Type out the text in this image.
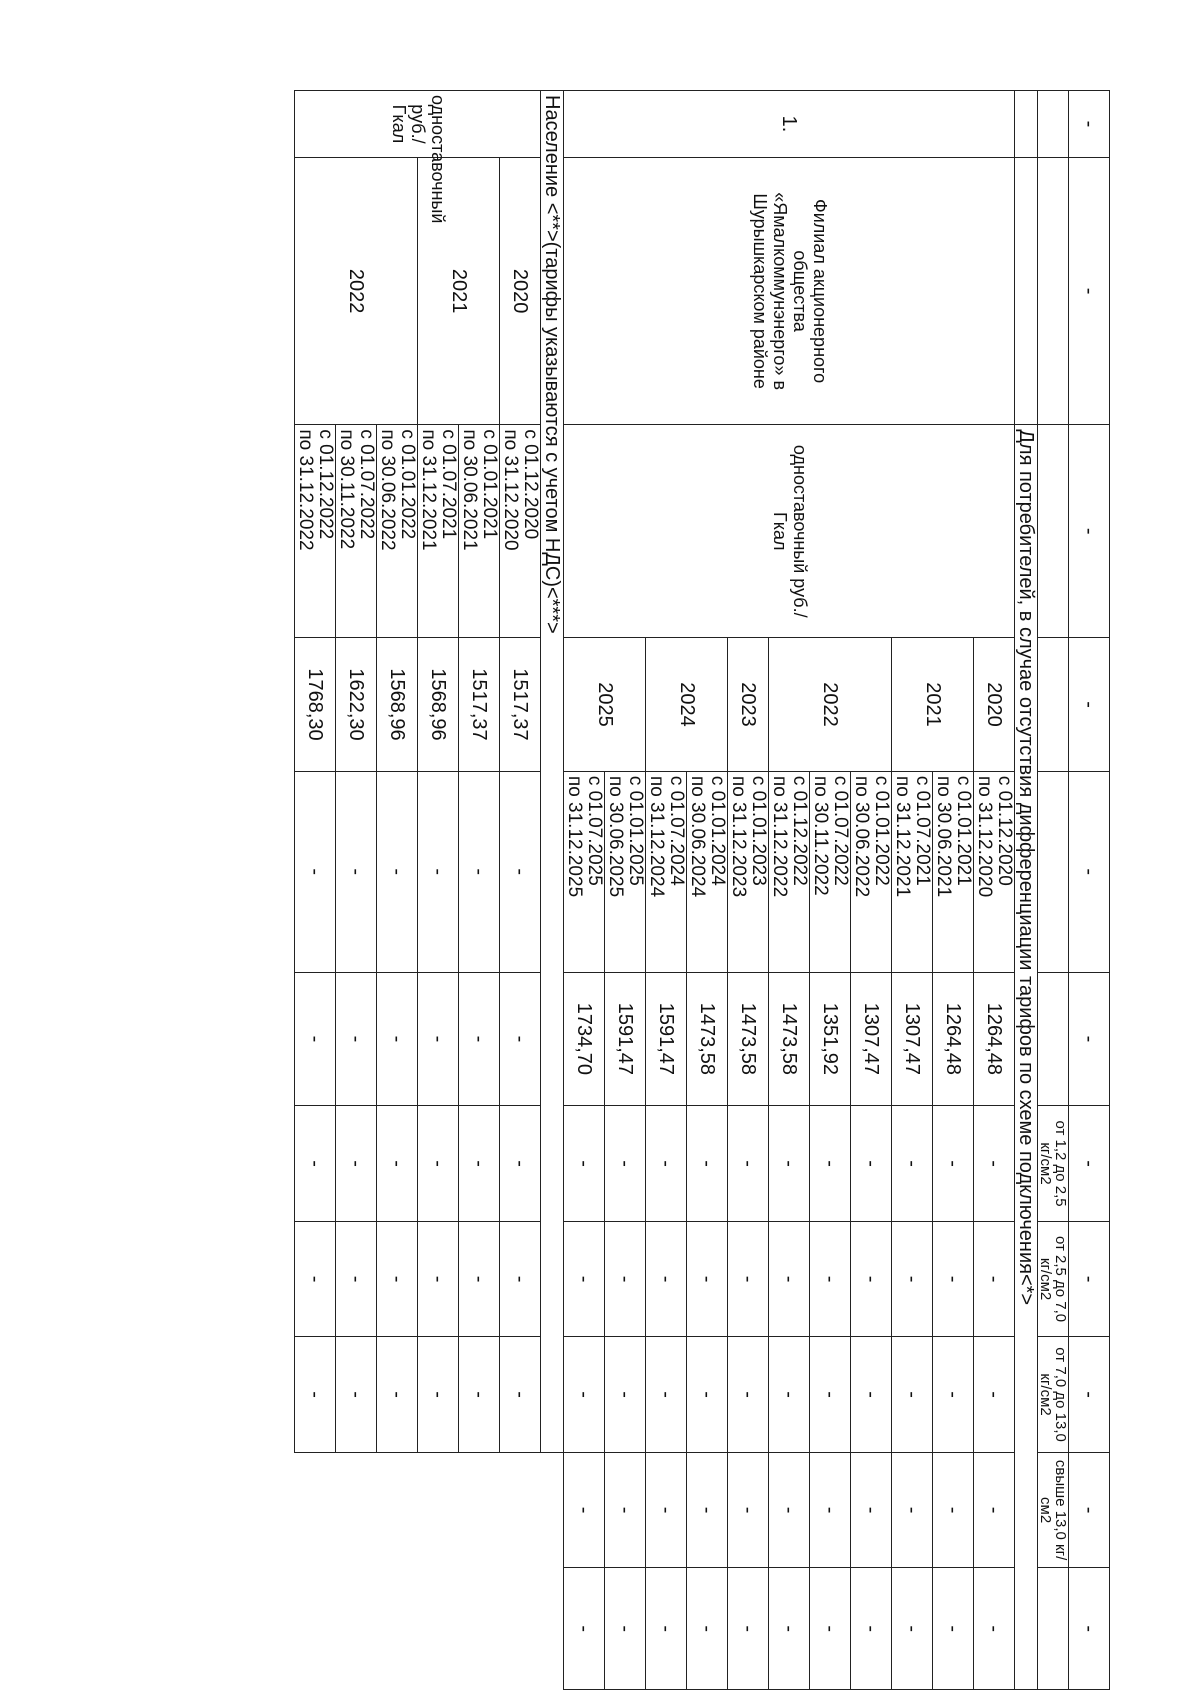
-	-	-	-	-	-	-	-	-	-	-
						от 1,2 до 2,5 кг/см2	от 2,5 до 7,0 кг/см2	от 7,0 до 13,0 кг/см2	свыше 13,0 кг/см2	
		Для потребителей, в случае отсутствия дифференциации тарифов по схеме подключения<*>								
1.	Филиал акционерного общества «Ямалкоммунэнерго» в Шурышкарском районе	одноставочный руб./Гкал	2020	с 01.12.2020
по 31.12.2020	1264,48	-	-	-	-	-
			2021	с 01.01.2021
по 30.06.2021	1264,48	-	-	-	-	-

				с 01.07.2021
по 31.12.2021	1307,47	-	-	-	-	-
			2022	с 01.01.2022
по 30.06.2022	1307,47	-	-	-	-	-

				с 01.07.2022
по 30.11.2022	1351,92	-	-	-	-	-

				с 01.12.2022
по 31.12.2022	1473,58	-	-	-	-	-
			2023	с 01.01.2023
по 31.12.2023	1473,58	-	-	-	-	-
			2024	с 01.01.2024
по 30.06.2024	1473,58	-	-	-	-	-

				с 01.07.2024
по 31.12.2024	1591,47	-	-	-	-	-
			2025	с 01.01.2025
по 30.06.2025	1591,47	-	-	-	-	-

				с 01.07.2025
по 31.12.2025	1734,70	-	-	-	-	-
Население <**>(тарифы указываются с учетом НДС)<***>										
одноставочный руб./Гкал	2020	с 01.12.2020
по 31.12.2020	1517,37	-	-	-	-	-		
	2021	с 01.01.2021
по 30.06.2021	1517,37	-	-	-	-	-		

		с 01.07.2021
по 31.12.2021	1568,96	-	-	-	-	-		
	2022	с 01.01.2022
по 30.06.2022	1568,96	-	-	-	-	-		

		с 01.07.2022
по 30.11.2022	1622,30	-	-	-	-	-		

		с 01.12.2022
по 31.12.2022	1768,30	-	-	-	-	-		
